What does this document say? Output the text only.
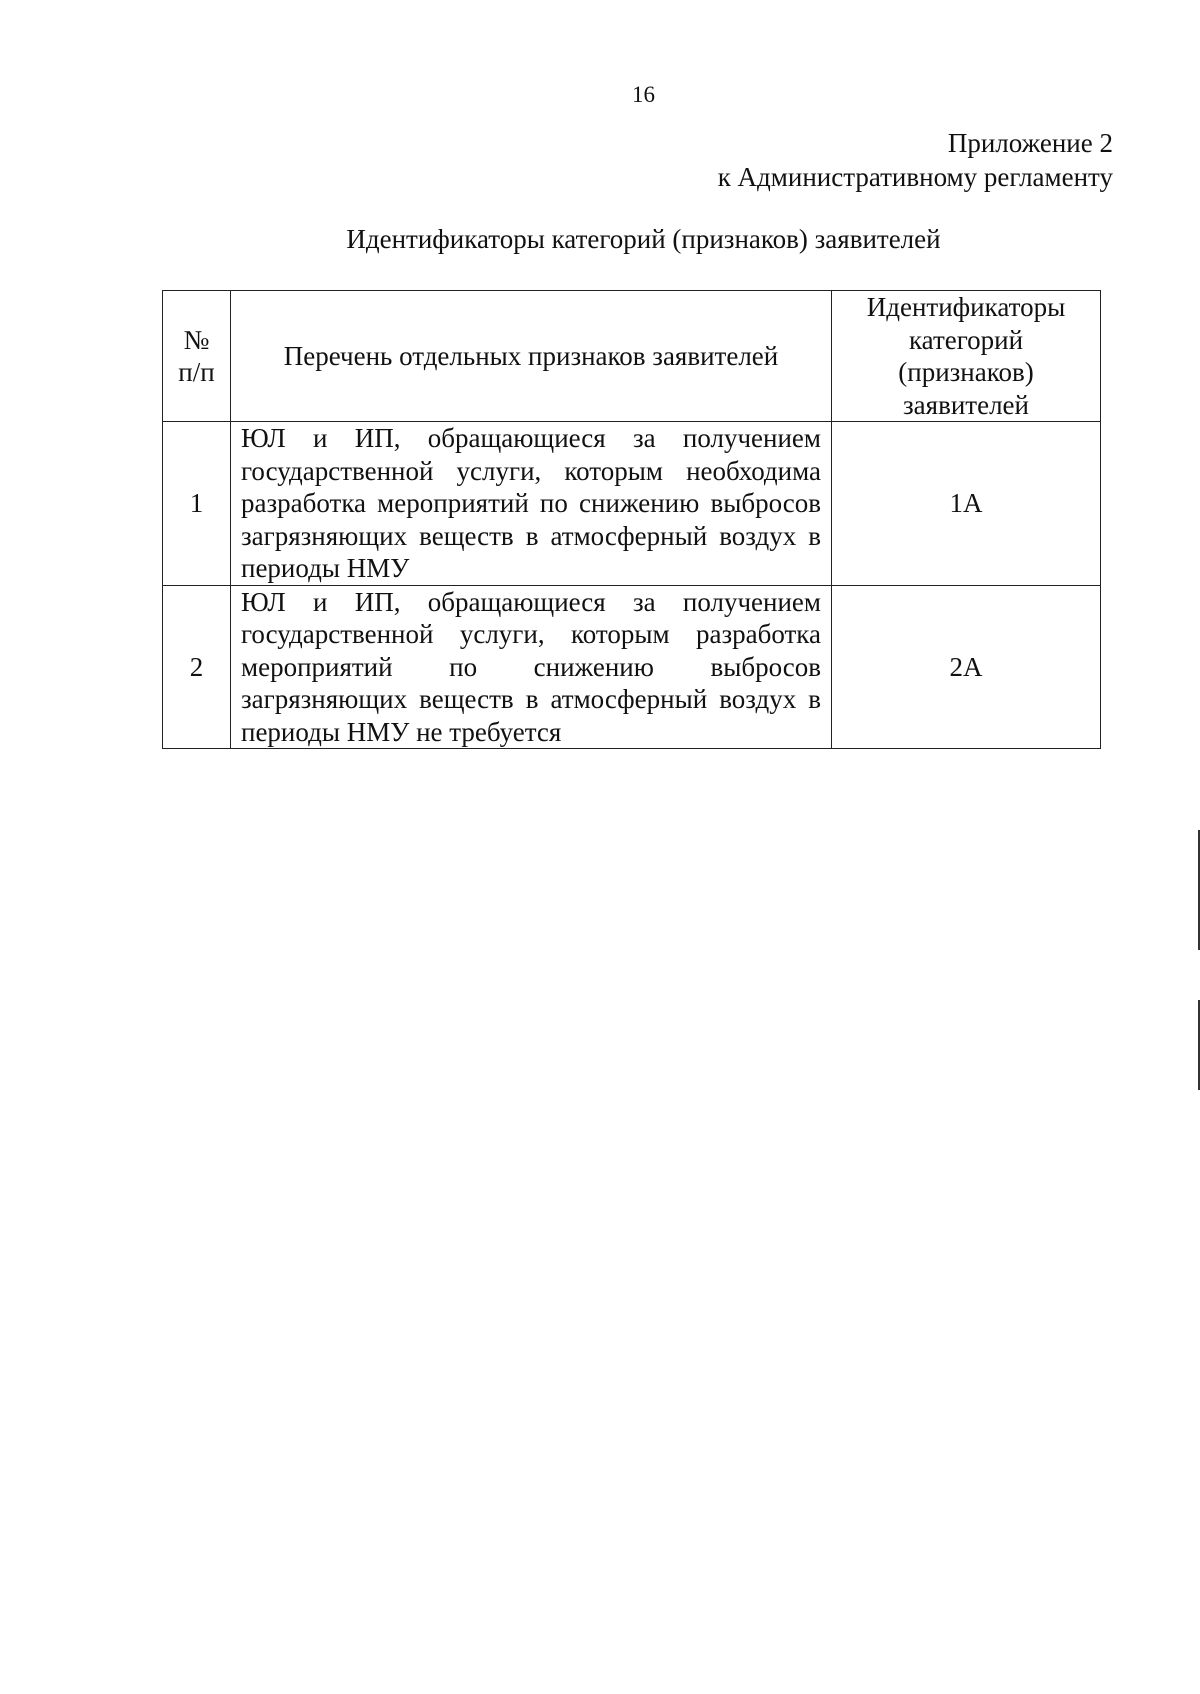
16
Приложение 2
к Административному регламенту
Идентификаторы категорий (признаков) заявителей
№ п/п	Перечень отдельных признаков заявителей	Идентификаторы категорий (признаков) заявителей
1	ЮЛ и ИП, обращающиеся за получением государственной услуги, которым необходима разработка мероприятий по снижению выбросов загрязняющих веществ в атмосферный воздух в периоды НМУ	1А
2	ЮЛ и ИП, обращающиеся за получением государственной услуги, которым разработка мероприятий по снижению выбросов загрязняющих веществ в атмосферный воздух в периоды НМУ не требуется	2А
